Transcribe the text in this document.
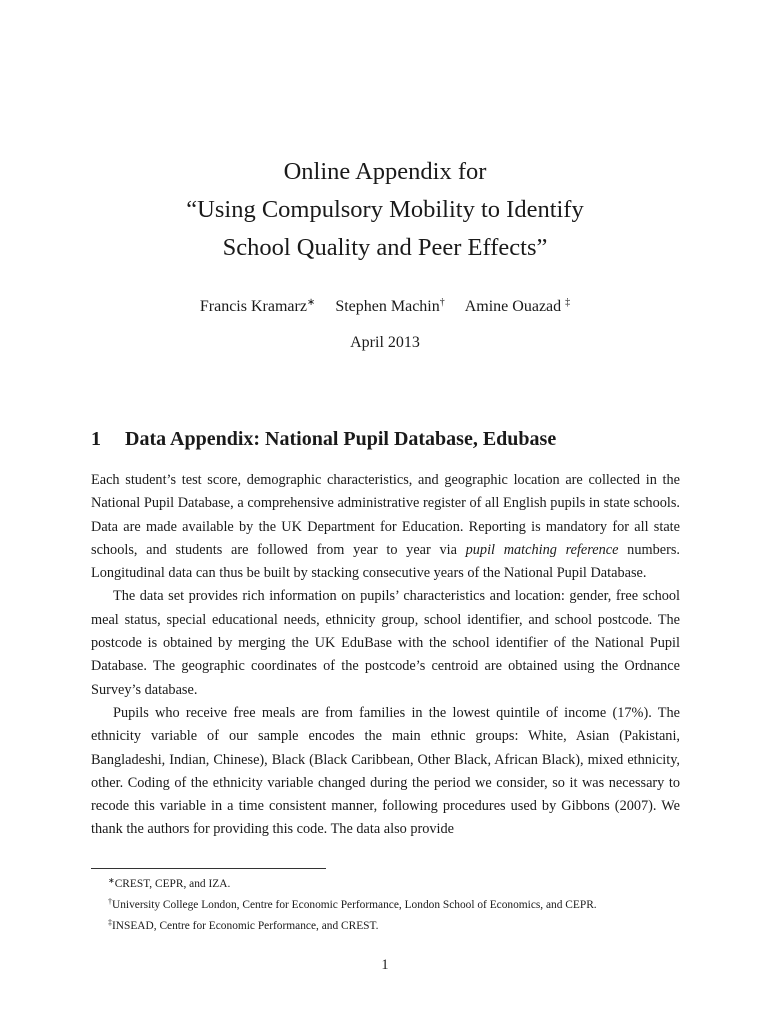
Online Appendix for

“Using Compulsory Mobility to Identify

School Quality and Peer Effects”

Francis Kramarz∗ Stephen Machin† Amine Ouazad ‡
April 2013
1 Data Appendix: National Pupil Database, Edubase

Each student’s test score, demographic characteristics, and geographic location are collected in the National Pupil Database, a comprehensive administrative register of all English pupils in state schools. Data are made available by the UK Department for Education. Reporting is mandatory for all state schools, and students are followed from year to year via pupil matching reference numbers. Longitudinal data can thus be built by stacking consecutive years of the National Pupil Database.

The data set provides rich information on pupils’ characteristics and location: gender, free school meal status, special educational needs, ethnicity group, school identifier, and school postcode. The postcode is obtained by merging the UK EduBase with the school identifier of the National Pupil Database. The geographic coordinates of the postcode’s centroid are obtained using the Ordnance Survey’s database.

Pupils who receive free meals are from families in the lowest quintile of income (17%). The ethnicity variable of our sample encodes the main ethnic groups: White, Asian (Pakistani, Bangladeshi, Indian, Chinese), Black (Black Caribbean, Other Black, African Black), mixed ethnicity, other. Coding of the ethnicity variable changed during the period we consider, so it was necessary to recode this variable in a time consistent manner, following procedures used by Gibbons (2007). We thank the authors for providing this code. The data also provide

∗CREST, CEPR, and IZA.

†University College London, Centre for Economic Performance, London School of Economics, and CEPR.

‡INSEAD, Centre for Economic Performance, and CREST.

1
